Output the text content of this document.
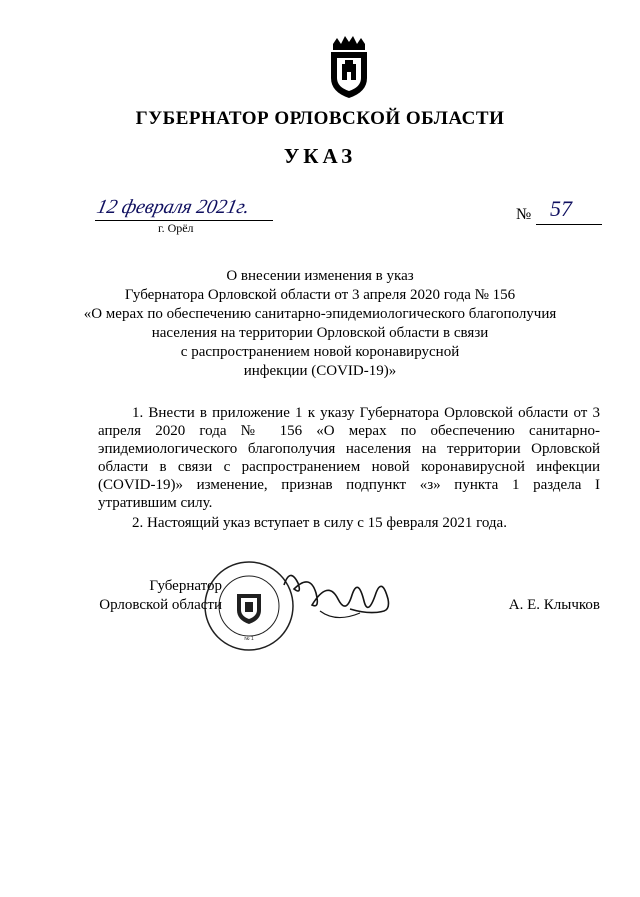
ГУБЕРНАТОР ОРЛОВСКОЙ ОБЛАСТИ
УКАЗ
12 февраля 2021г.
г. Орёл
№ 57
О внесении изменения в указ
Губернатора Орловской области от 3 апреля 2020 года № 156
«О мерах по обеспечению санитарно-эпидемиологического благополучия
населения на территории Орловской области в связи
с распространением новой коронавирусной
инфекции (COVID-19)»

1. Внести в приложение 1 к указу Губернатора Орловской области от 3 апреля 2020 года № 156 «О мерах по обеспечению санитарно-эпидемиологического благополучия населения на территории Орловской области в связи с распространением новой коронавирусной инфекции (COVID-19)» изменение, признав подпункт «з» пункта 1 раздела I утратившим силу.

2. Настоящий указ вступает в силу с 15 февраля 2021 года.

№ 1
Губернатор
Орловской области	А. Е. Клычков
